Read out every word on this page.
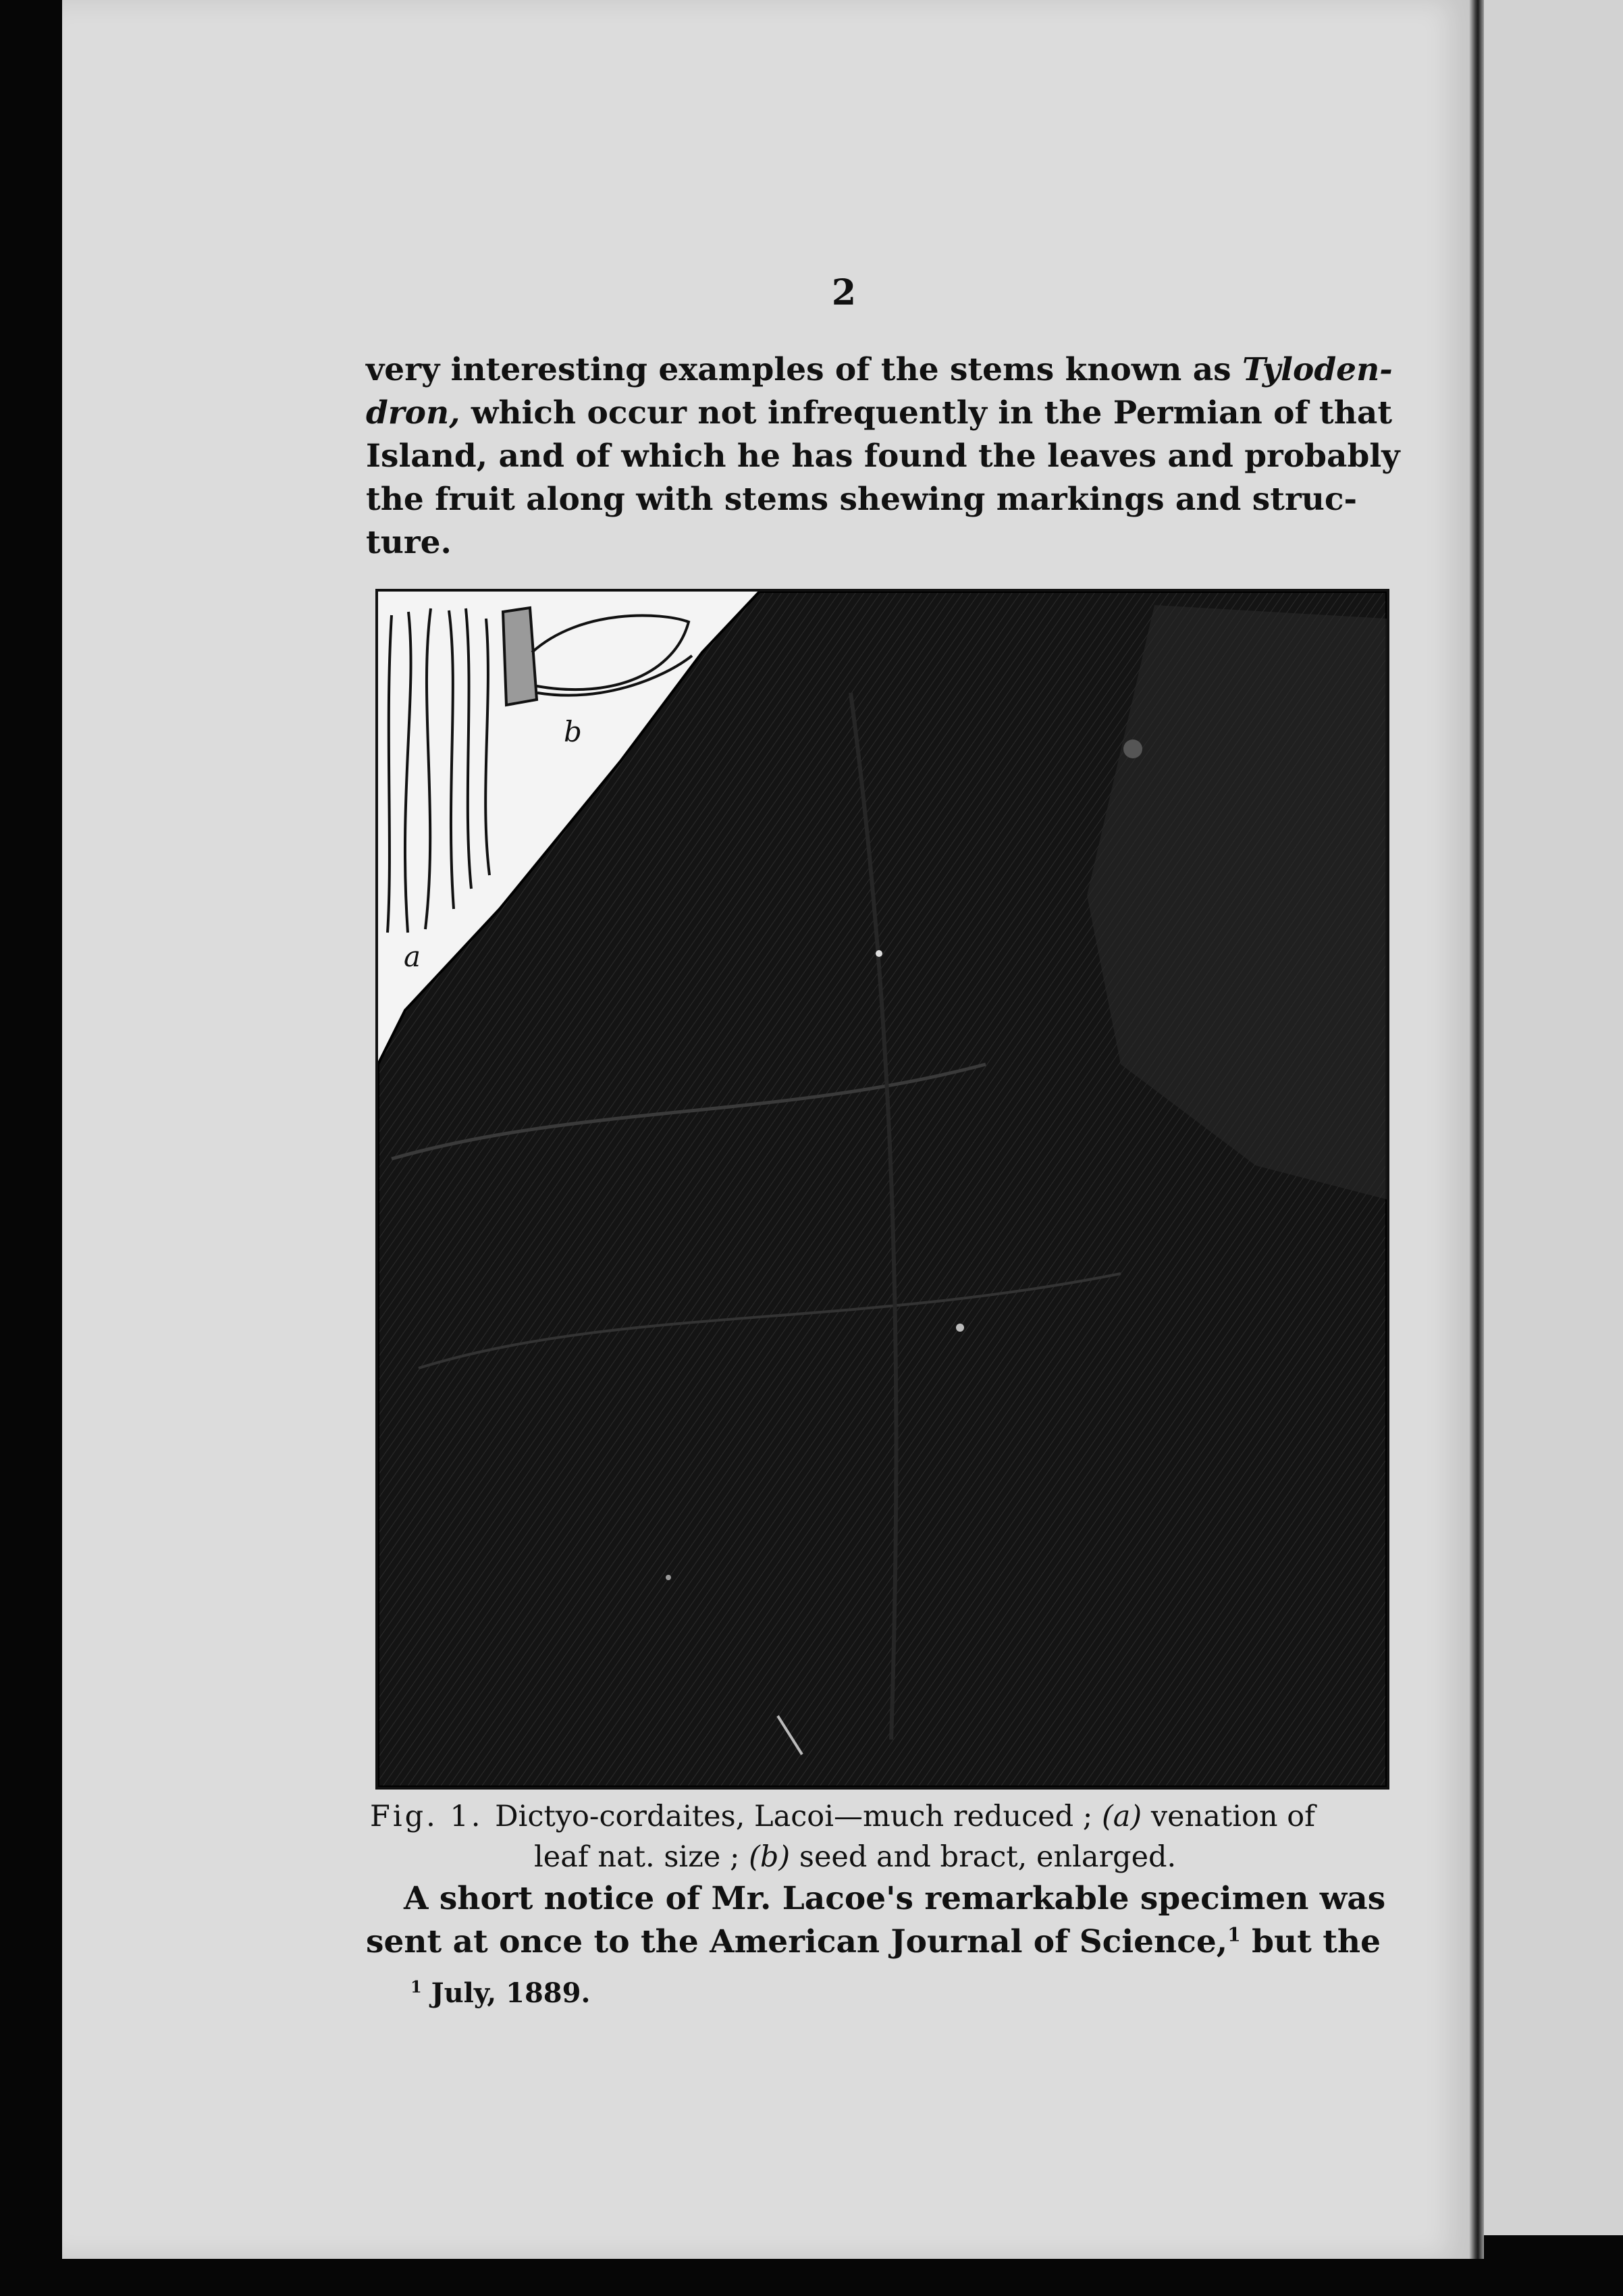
2
very interesting examples of the stems known as Tyloden-
dron, which occur not infrequently in the Permian of that
Island, and of which he has found the leaves and probably
the fruit along with stems shewing markings and struc-
ture.
a
b
Fig. 1. Dictyo-cordaites, Lacoi—much reduced ; (a) venation of
leaf nat. size ; (b) seed and bract, enlarged.
A short notice of Mr. Lacoe's remarkable specimen was
sent at once to the American Journal of Science,$^1$ but the
$^1$ July, 1889.
